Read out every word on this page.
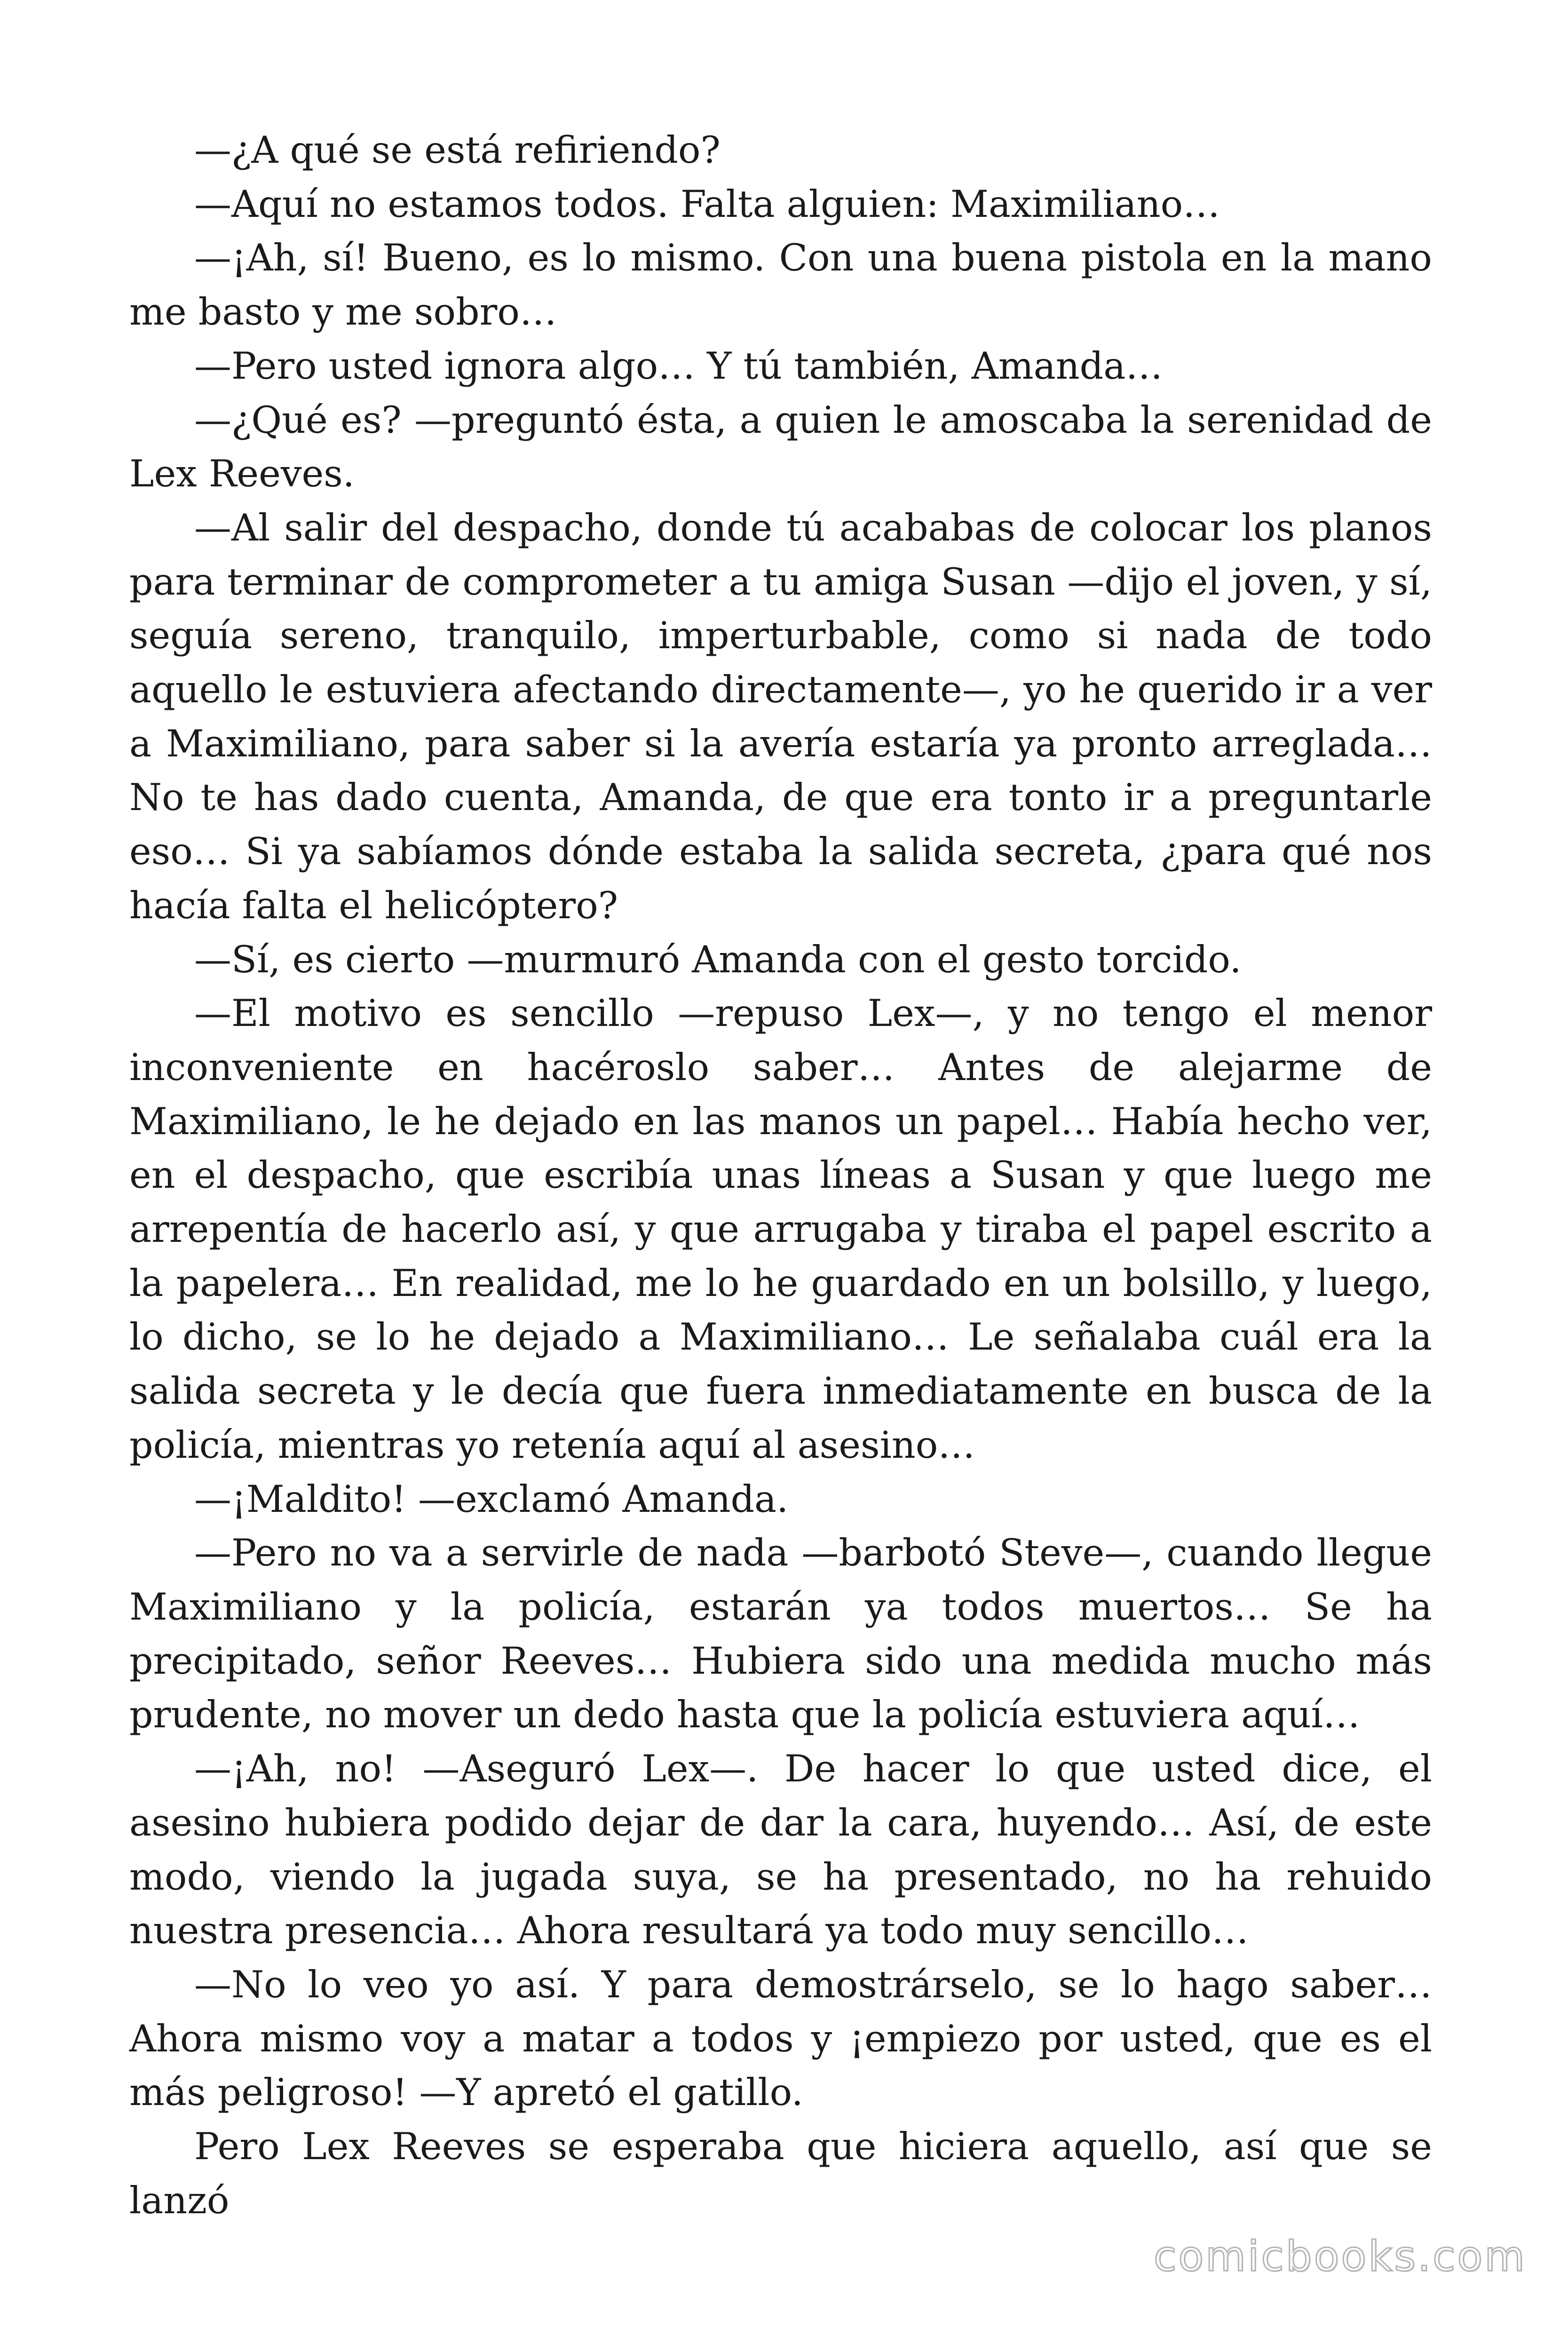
—¿A qué se está refiriendo?

—Aquí no estamos todos. Falta alguien: Maximiliano…

—¡Ah, sí! Bueno, es lo mismo. Con una buena pistola en la mano me basto y me sobro…

—Pero usted ignora algo… Y tú también, Amanda…

—¿Qué es? —preguntó ésta, a quien le amoscaba la serenidad de Lex Reeves.

—Al salir del despacho, donde tú acababas de colocar los planos para terminar de comprometer a tu amiga Susan —dijo el joven, y sí, seguía sereno, tranquilo, imperturbable, como si nada de todo aquello le estuviera afectando directamente—, yo he querido ir a ver a Maximiliano, para saber si la avería estaría ya pronto arreglada… No te has dado cuenta, Amanda, de que era tonto ir a preguntarle eso… Si ya sabíamos dónde estaba la salida secreta, ¿para qué nos hacía falta el helicóptero?

—Sí, es cierto —murmuró Amanda con el gesto torcido.

—El motivo es sencillo —repuso Lex—, y no tengo el menor inconveniente en hacéroslo saber… Antes de alejarme de Maximiliano, le he dejado en las manos un papel… Había hecho ver, en el despacho, que escribía unas líneas a Susan y que luego me arrepentía de hacerlo así, y que arrugaba y tiraba el papel escrito a la papelera… En realidad, me lo he guardado en un bolsillo, y luego, lo dicho, se lo he dejado a Maximiliano… Le señalaba cuál era la salida secreta y le decía que fuera inmediatamente en busca de la policía, mientras yo retenía aquí al asesino…

—¡Maldito! —exclamó Amanda.

—Pero no va a servirle de nada —barbotó Steve—, cuando llegue Maximiliano y la policía, estarán ya todos muertos… Se ha precipitado, señor Reeves… Hubiera sido una medida mucho más prudente, no mover un dedo hasta que la policía estuviera aquí…

—¡Ah, no! —Aseguró Lex—. De hacer lo que usted dice, el asesino hubiera podido dejar de dar la cara, huyendo… Así, de este modo, viendo la jugada suya, se ha presentado, no ha rehuido nuestra presencia… Ahora resultará ya todo muy sencillo…

—No lo veo yo así. Y para demostrárselo, se lo hago saber… Ahora mismo voy a matar a todos y ¡empiezo por usted, que es el más peligroso! —Y apretó el gatillo.

Pero Lex Reeves se esperaba que hiciera aquello, así que se lanzó

comicbooks.com
